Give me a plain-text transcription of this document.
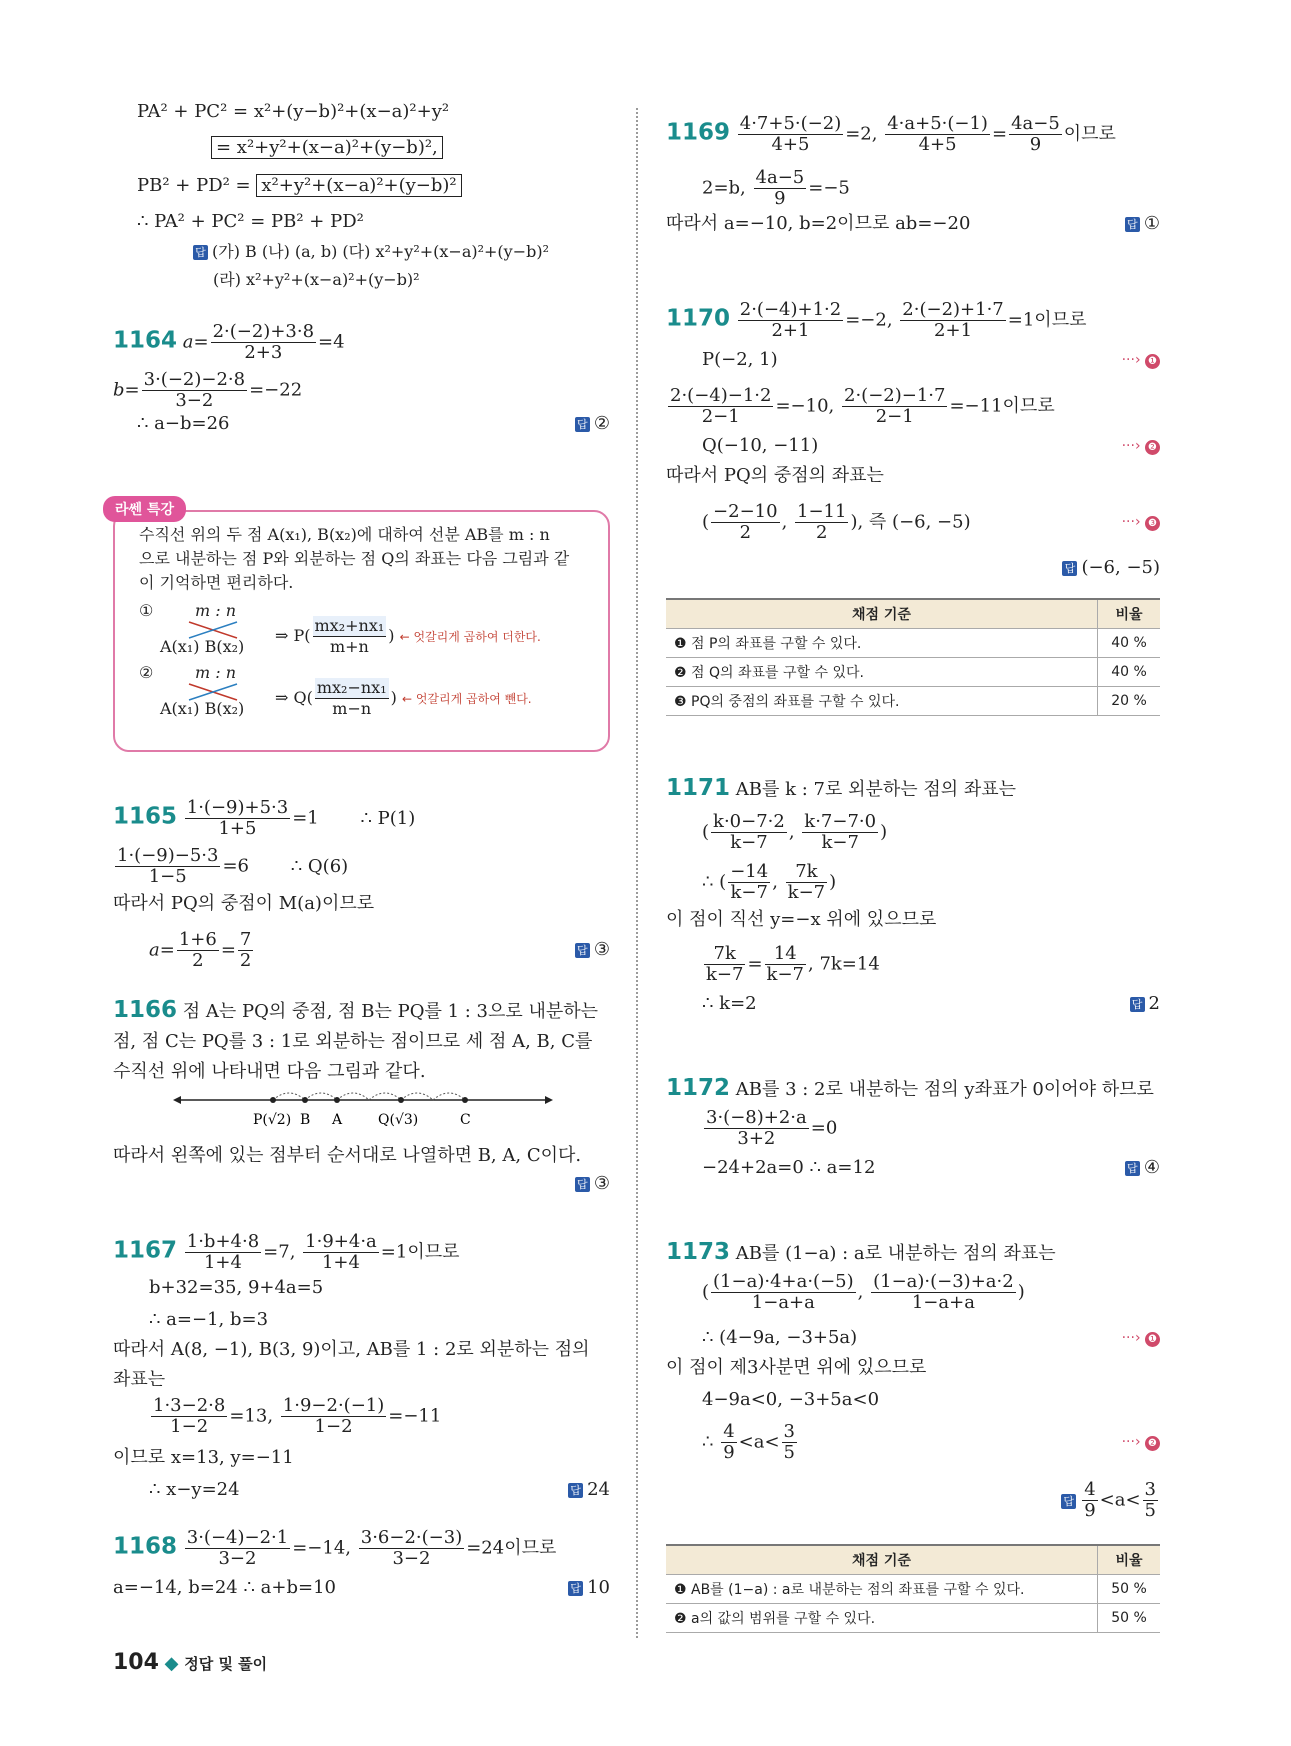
PA² + PC² = x²+(y−b)²+(x−a)²+y²
= x²+y²+(x−a)²+(y−b)²,
PB² + PD² = x²+y²+(x−a)²+(y−b)²
∴ PA² + PC² = PB² + PD²
답 (가) B (나) (a, b) (다) x²+y²+(x−a)²+(y−b)²
(라) x²+y²+(x−a)²+(y−b)²
1164 $a= \frac{2\cdot(-2)+3\cdot 8}{2+3} =4$
$b= \frac{3\cdot(-2)-2\cdot 8}{3-2} =-22$
∴ a−b=26	답 ②
라쎈 특강
수직선 위의 두 점 A(x₁), B(x₂)에 대하여 선분 AB를 m : n
으로 내분하는 점 P와 외분하는 점 Q의 좌표는 다음 그림과 같
이 기억하면 편리하다.
①	m : n
A(x₁) B(x₂)
⇒ $P( \frac{\text{mx₂+nx₁}}{m+n}$ ) ← 엇갈리게 곱하여 더한다.
②	m : n
A(x₁) B(x₂)
⇒ $Q( \frac{\text{mx₂−nx₁}}{m-n}$ ) ← 엇갈리게 곱하여 뺀다.
$1165 \frac{1\cdot(-9)+5\cdot 3}{1+5} =1$ ∴ P(1)
$\frac{1\cdot(-9)-5\cdot 3}{1-5} =6$ ∴ Q(6)
따라서 PQ의 중점이 M(a)이므로
$a= \frac{1+6}{2} = \frac{7}{2}$	답 ③
1166 점 A는 PQ의 중점, 점 B는 PQ를 1 : 3으로 내분하는
점, 점 C는 PQ를 3 : 1로 외분하는 점이므로 세 점 A, B, C를
수직선 위에 나타내면 다음 그림과 같다.
P(√2) B A	Q(√3)	C
따라서 왼쪽에 있는 점부터 순서대로 나열하면 B, A, C이다.
답 ③
$1167 \frac{1\cdot b+4\cdot 8}{1+4} =7$, $\frac{1\cdot 9+4\cdot a}{1+4} =1$이므로
b+32=35, 9+4a=5
∴ a=−1, b=3
따라서 A(8, −1), B(3, 9)이고, AB를 1 : 2로 외분하는 점의
좌표는
$\frac{1\cdot 3-2\cdot 8}{1-2} =13$, $\frac{1\cdot 9-2\cdot(-1)}{1-2} =-11$
이므로 x=13, y=−11
∴ x−y=24	답 24
$1168 \frac{3\cdot(-4)-2\cdot 1}{3-2} =-14$, $\frac{3\cdot 6-2\cdot(-3)}{3-2} =24$이므로
a=−14, b=24 ∴ a+b=10	답 10
$1169 \frac{4\cdot 7+5\cdot(-2)}{4+5} =2$, $\frac{4\cdot a+5\cdot(-1)}{4+5} = \frac{4a-5}{9}$ 이므로
2=b, $\frac{4a-5}{9} =-5$
따라서 a=−10, b=2이므로 ab=−20	답 ①
$1170 \frac{2\cdot(-4)+1\cdot 2}{2+1} =-2$, $\frac{2\cdot(-2)+1\cdot 7}{2+1} =1$이므로
P(−2, 1)	···› ❶
$\frac{2\cdot(-4)-1\cdot 2}{2-1} =-10$, $\frac{2\cdot(-2)-1\cdot 7}{2-1} =-11$이므로
Q(−10, −11)	···› ❷
따라서 PQ의 중점의 좌표는
( $\frac{-2-10}{2}$ , $\frac{1-11}{2}$ ), 즉 (−6, −5)	···› ❸
답 (−6, −5)
채점 기준	비율
❶ 점 P의 좌표를 구할 수 있다.	40 %
❷ 점 Q의 좌표를 구할 수 있다.	40 %
❸ PQ의 중점의 좌표를 구할 수 있다.	20 %
1171 AB를 k : 7로 외분하는 점의 좌표는
( $\frac{k\cdot 0-7\cdot 2}{k-7}$ , $\frac{k\cdot 7-7\cdot 0}{k-7}$ )
∴ ( $\frac{-14}{k-7}$ , $\frac{7k}{k-7}$ )
이 점이 직선 y=−x 위에 있으므로
$\frac{7k}{k-7} = \frac{14}{k-7}$ , 7k=14
∴ k=2	답 2
1172 AB를 3 : 2로 내분하는 점의 y좌표가 0이어야 하므로
$\frac{3\cdot(-8)+2\cdot a}{3+2} =0$
−24+2a=0 ∴ a=12	답 ④
1173 AB를 (1−a) : a로 내분하는 점의 좌표는
( $\frac{(1-a)\cdot 4+a\cdot(-5)}{1-a+a}$ , $\frac{(1-a)\cdot(-3)+a\cdot 2}{1-a+a}$ )
∴ (4−9a, −3+5a)	···› ❶
이 점이 제3사분면 위에 있으므로
4−9a<0, −3+5a<0
∴ $\frac{4}{9} <a< \frac{3}{5}$	···› ❷
답 $\frac{4}{9} <a< \frac{3}{5}$
채점 기준	비율
❶ AB를 (1−a) : a로 내분하는 점의 좌표를 구할 수 있다.	50 %
❷ a의 값의 범위를 구할 수 있다.	50 %
104 ◆ 정답 및 풀이
